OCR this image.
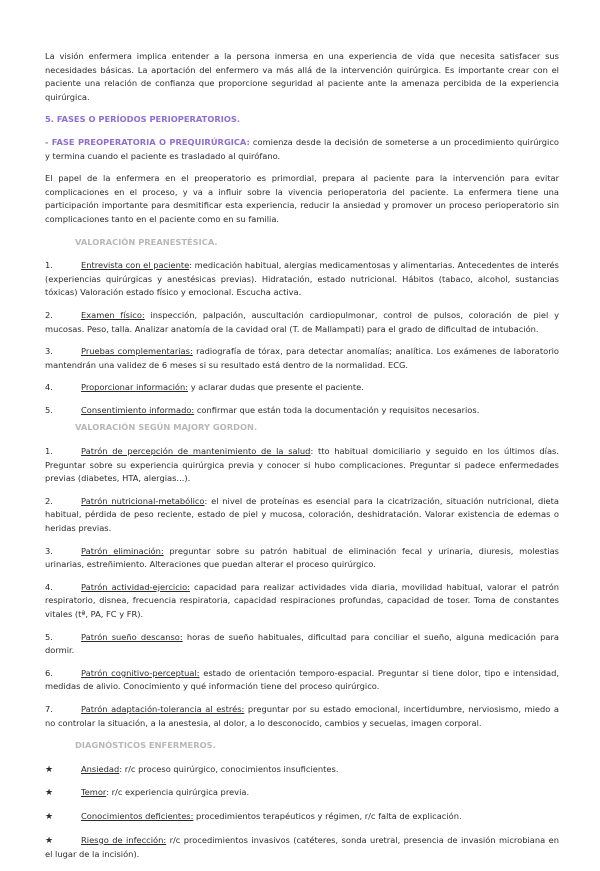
La visión enfermera implica entender a la persona inmersa en una experiencia de vida que necesita satisfacer sus necesidades básicas. La aportación del enfermero va más allá de la intervención quirúrgica. Es importante crear con el paciente una relación de confianza que proporcione seguridad al paciente ante la amenaza percibida de la experiencia quirúrgica.

5. FASES O PERÍODOS PERIOPERATORIOS.

- FASE PREOPERATORIA O PREQUIRÚRGICA: comienza desde la decisión de someterse a un procedimiento quirúrgico y termina cuando el paciente es trasladado al quirófano.

El papel de la enfermera en el preoperatorio es primordial, prepara al paciente para la intervención para evitar complicaciones en el proceso, y va a influir sobre la vivencia perioperatoria del paciente. La enfermera tiene una participación importante para desmitificar esta experiencia, reducir la ansiedad y promover un proceso perioperatorio sin complicaciones tanto en el paciente como en su familia.

VALORACIÓN PREANESTÉSICA.

1.	Entrevista con el paciente: medicación habitual, alergias medicamentosas y alimentarias. Antecedentes de interés (experiencias quirúrgicas y anestésicas previas). Hidratación, estado nutricional. Hábitos (tabaco, alcohol, sustancias tóxicas) Valoración estado físico y emocional. Escucha activa.

2.	Examen físico: inspección, palpación, auscultación cardiopulmonar, control de pulsos, coloración de piel y mucosas. Peso, talla. Analizar anatomía de la cavidad oral (T. de Mallampati) para el grado de dificultad de intubación.

3.	Pruebas complementarias: radiografía de tórax, para detectar anomalías; analítica. Los exámenes de laboratorio mantendrán una validez de 6 meses si su resultado está dentro de la normalidad. ECG.

4.	Proporcionar información: y aclarar dudas que presente el paciente.

5.	Consentimiento informado: confirmar que están toda la documentación y requisitos necesarios.

VALORACIÓN SEGÚN MAJORY GORDON.

1.	Patrón de percepción de mantenimiento de la salud: tto habitual domiciliario y seguido en los últimos días. Preguntar sobre su experiencia quirúrgica previa y conocer si hubo complicaciones. Preguntar si padece enfermedades previas (diabetes, HTA, alergias...).

2.	Patrón nutricional-metabólico: el nivel de proteínas es esencial para la cicatrización, situación nutricional, dieta habitual, pérdida de peso reciente, estado de piel y mucosa, coloración, deshidratación. Valorar existencia de edemas o heridas previas.

3.	Patrón eliminación: preguntar sobre su patrón habitual de eliminación fecal y urinaria, diuresis, molestias urinarias, estreñimiento. Alteraciones que puedan alterar el proceso quirúrgico.

4.	Patrón actividad-ejercicio: capacidad para realizar actividades vida diaria, movilidad habitual, valorar el patrón respiratorio, disnea, frecuencia respiratoria, capacidad respiraciones profundas, capacidad de toser. Toma de constantes vitales (tª, PA, FC y FR).

5.	Patrón sueño descanso: horas de sueño habituales, dificultad para conciliar el sueño, alguna medicación para dormir.

6.	Patrón cognitivo-perceptual: estado de orientación temporo-espacial. Preguntar si tiene dolor, tipo e intensidad, medidas de alivio. Conocimiento y qué información tiene del proceso quirúrgico.

7.	Patrón adaptación-tolerancia al estrés: preguntar por su estado emocional, incertidumbre, nerviosismo, miedo a no controlar la situación, a la anestesia, al dolor, a lo desconocido, cambios y secuelas, imagen corporal.

DIAGNÓSTICOS ENFERMEROS.

★	Ansiedad: r/c proceso quirúrgico, conocimientos insuficientes.

★	Temor: r/c experiencia quirúrgica previa.

★	Conocimientos deficientes: procedimientos terapéuticos y régimen, r/c falta de explicación.

★	Riesgo de infección: r/c procedimientos invasivos (catéteres, sonda uretral, presencia de invasión microbiana en el lugar de la incisión).
